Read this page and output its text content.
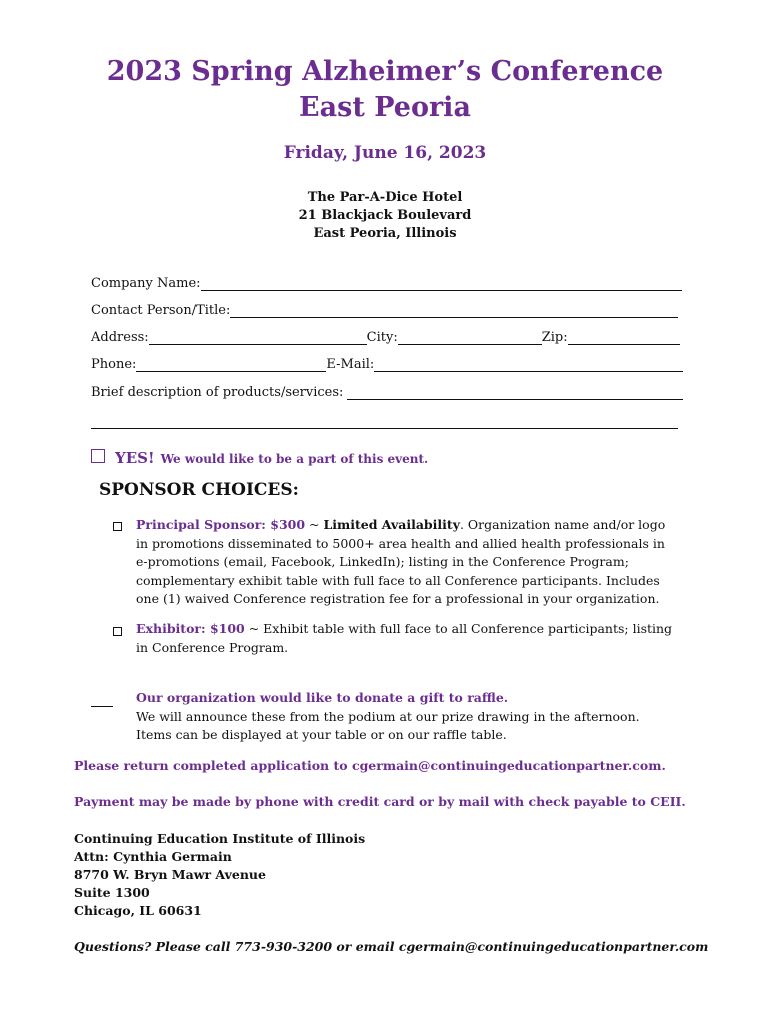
2023 Spring Alzheimer’s Conference
East Peoria
Friday, June 16, 2023
The Par-A-Dice Hotel
21 Blackjack Boulevard
East Peoria, Illinois
Company Name:
Contact Person/Title:
Address:	City:	Zip:
Phone:	E-Mail:
Brief description of products/services:
YES! We would like to be a part of this event.
SPONSOR CHOICES:
Principal Sponsor: $300 ~ Limited Availability. Organization name and/or logo in promotions disseminated to 5000+ area health and allied health professionals in e-promotions (email, Facebook, LinkedIn); listing in the Conference Program; complementary exhibit table with full face to all Conference participants. Includes one (1) waived Conference registration fee for a professional in your organization.
Exhibitor: $100 ~ Exhibit table with full face to all Conference participants; listing in Conference Program.
Our organization would like to donate a gift to raffle.
We will announce these from the podium at our prize drawing in the afternoon.
Items can be displayed at your table or on our raffle table.
Please return completed application to cgermain@continuingeducationpartner.com.
Payment may be made by phone with credit card or by mail with check payable to CEII.
Continuing Education Institute of Illinois
Attn: Cynthia Germain
8770 W. Bryn Mawr Avenue
Suite 1300
Chicago, IL 60631
Questions? Please call 773-930-3200 or email cgermain@continuingeducationpartner.com
